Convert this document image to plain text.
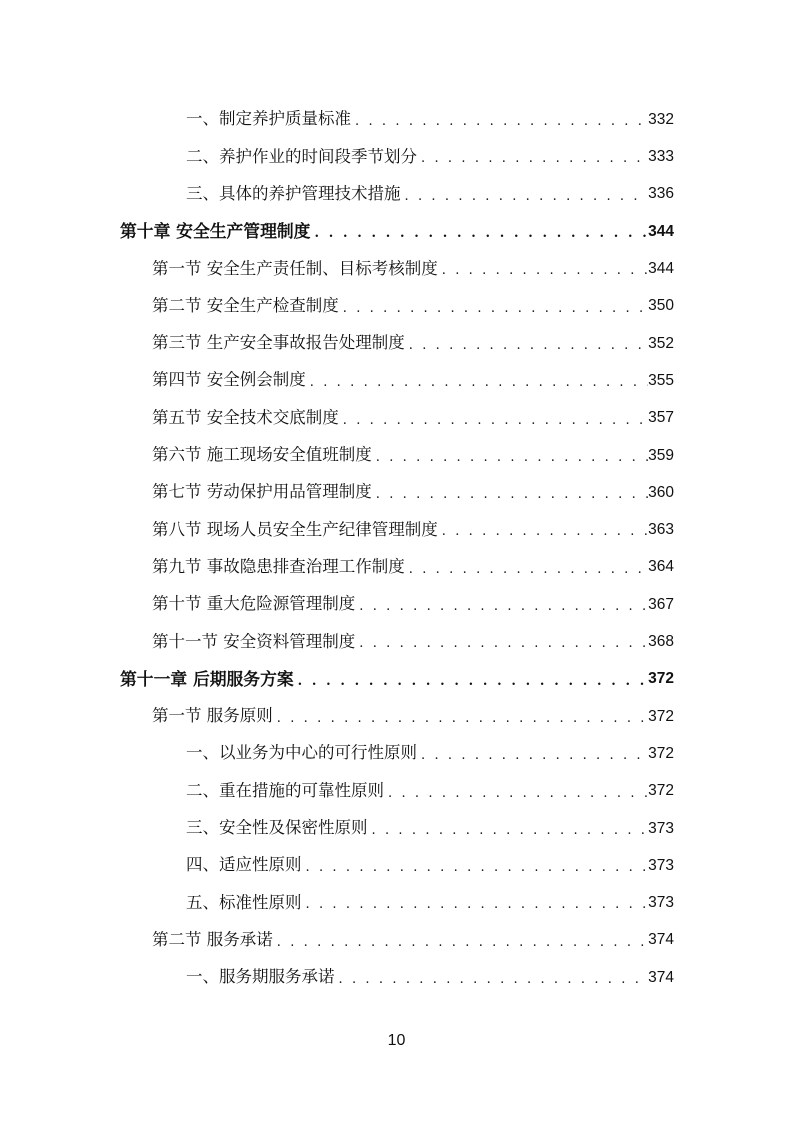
一、制定养护质量标准 . . .	332
二、养护作业的时间段季节划分 . . .	333
三、具体的养护管理技术措施 . . .	336
第十章 安全生产管理制度 . . .	344
第一节 安全生产责任制、目标考核制度 . . .	344
第二节 安全生产检查制度 . . .	350
第三节 生产安全事故报告处理制度 . . .	352
第四节 安全例会制度 . . .	355
第五节 安全技术交底制度 . . .	357
第六节 施工现场安全值班制度 . . .	359
第七节 劳动保护用品管理制度 . . .	360
第八节 现场人员安全生产纪律管理制度 . . .	363
第九节 事故隐患排查治理工作制度 . . .	364
第十节 重大危险源管理制度 . . .	367
第十一节 安全资料管理制度 . . .	368
第十一章 后期服务方案 . . .	372
第一节 服务原则 . . .	372
一、以业务为中心的可行性原则 . . .	372
二、重在措施的可靠性原则 . . .	372
三、安全性及保密性原则 . . .	373
四、适应性原则 . . .	373
五、标准性原则 . . .	373
第二节 服务承诺 . . .	374
一、服务期服务承诺 . . .	374
10
